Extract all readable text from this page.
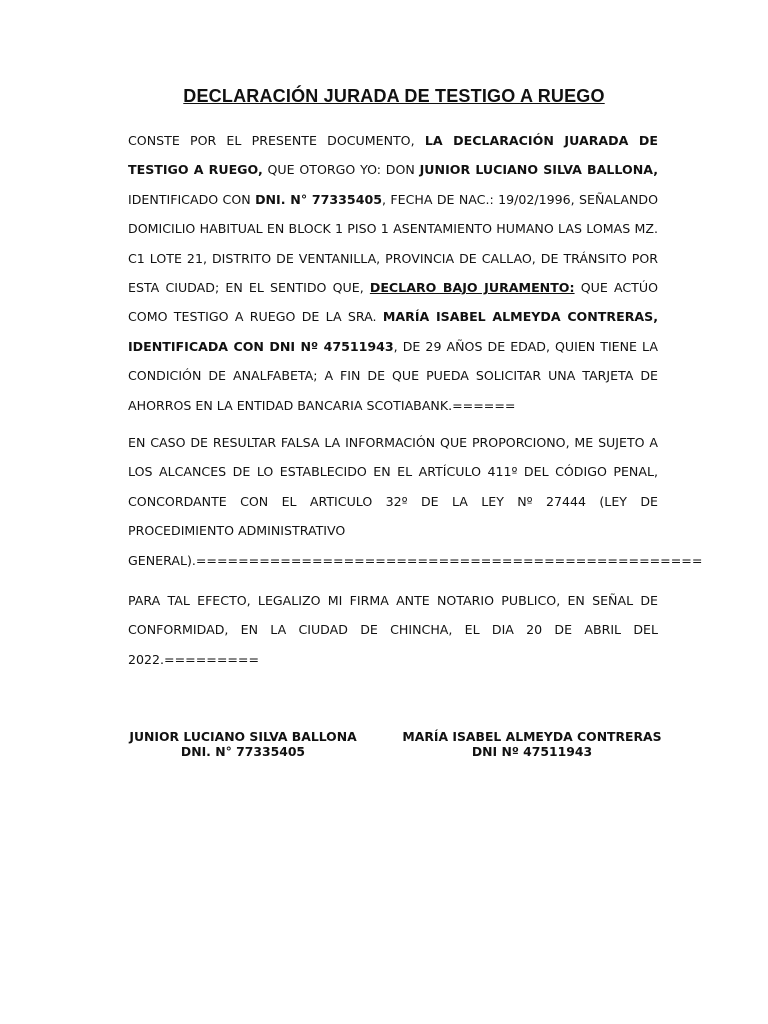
DECLARACIÓN JURADA DE TESTIGO A RUEGO

CONSTE POR EL PRESENTE DOCUMENTO, LA DECLARACIÓN JUARADA DE TESTIGO A RUEGO, QUE OTORGO YO: DON JUNIOR LUCIANO SILVA BALLONA, IDENTIFICADO CON DNI. N° 77335405, FECHA DE NAC.: 19/02/1996, SEÑALANDO DOMICILIO HABITUAL EN BLOCK 1 PISO 1 ASENTAMIENTO HUMANO LAS LOMAS MZ. C1 LOTE 21, DISTRITO DE VENTANILLA, PROVINCIA DE CALLAO, DE TRÁNSITO POR ESTA CIUDAD; EN EL SENTIDO QUE, DECLARO BAJO JURAMENTO: QUE ACTÚO COMO TESTIGO A RUEGO DE LA SRA. MARÍA ISABEL ALMEYDA CONTRERAS, IDENTIFICADA CON DNI Nº 47511943, DE 29 AÑOS DE EDAD, QUIEN TIENE LA CONDICIÓN DE ANALFABETA; A FIN DE QUE PUEDA SOLICITAR UNA TARJETA DE AHORROS EN LA ENTIDAD BANCARIA SCOTIABANK.======

EN CASO DE RESULTAR FALSA LA INFORMACIÓN QUE PROPORCIONO, ME SUJETO A LOS ALCANCES DE LO ESTABLECIDO EN EL ARTÍCULO 411º DEL CÓDIGO PENAL, CONCORDANTE CON EL ARTICULO 32º DE LA LEY Nº 27444 (LEY DE PROCEDIMIENTO ADMINISTRATIVO
GENERAL).================================================

PARA TAL EFECTO, LEGALIZO MI FIRMA ANTE NOTARIO PUBLICO, EN SEÑAL DE CONFORMIDAD, EN LA CIUDAD DE CHINCHA, EL DIA 20 DE ABRIL DEL 2022.=========

JUNIOR LUCIANO SILVA BALLONA
DNI. N° 77335405
MARÍA ISABEL ALMEYDA CONTRERAS
DNI Nº 47511943
